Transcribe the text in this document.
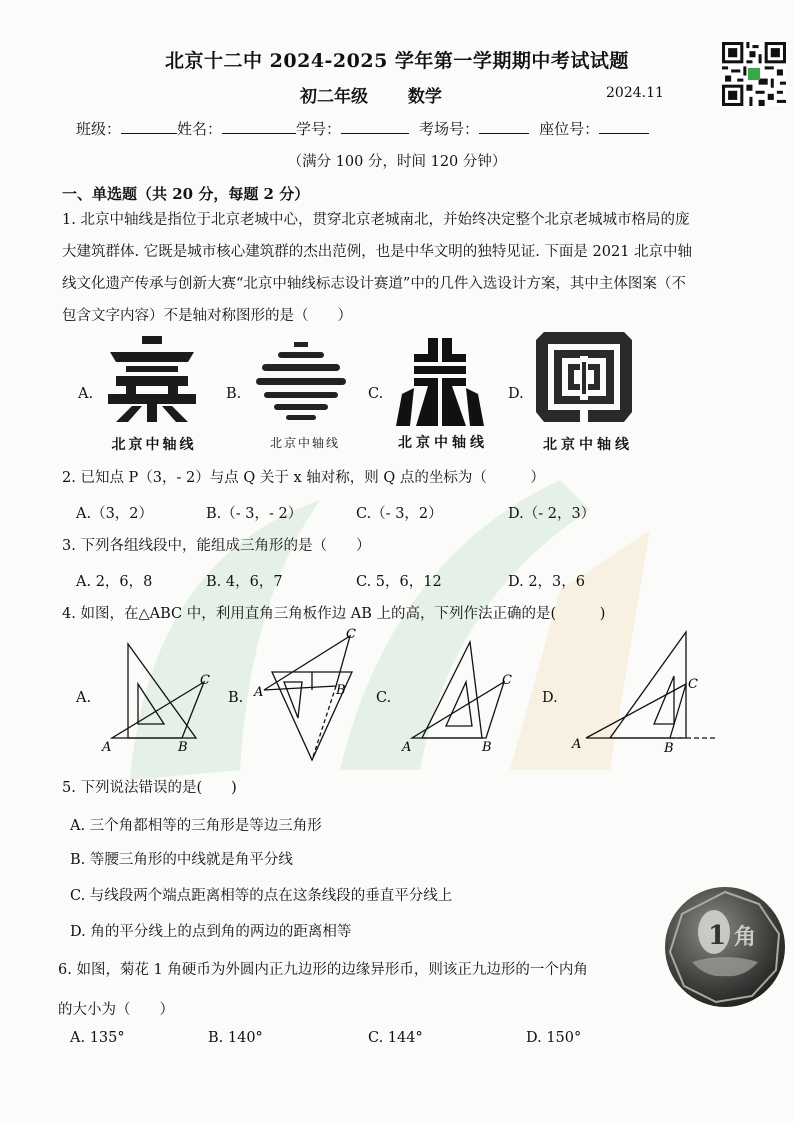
北京十二中 2024-2025 学年第一学期期中考试试题
初二年级 数学	2024.11
班级：	姓名：	学号：	考场号：	座位号：
（满分 100 分，时间 120 分钟）
一、单选题（共 20 分，每题 2 分）
1. 北京中轴线是指位于北京老城中心，贯穿北京老城南北，并始终决定整个北京老城城市格局的庞
大建筑群体. 它既是城市核心建筑群的杰出范例，也是中华文明的独特见证. 下面是 2021 北京中轴
线文化遗产传承与创新大赛“北京中轴线标志设计赛道”中的几件入选设计方案，其中主体图案（不
包含文字内容）不是轴对称图形的是（　　）
A.	B.	C.	D.
北京中轴线	北京中轴线	北京中轴线	北京中轴线
2. 已知点 P（3，- 2）与点 Q 关于 x 轴对称，则 Q 点的坐标为（　　　）
A.（3，2）	B.（- 3，- 2）	C.（- 3，2）	D.（- 2，3）
3. 下列各组线段中，能组成三角形的是（　　）
A. 2，6，8	B. 4，6，7	C. 5，6，12	D. 2，3，6
4. 如图，在△ABC 中，利用直角三角板作边 AB 上的高，下列作法正确的是(　　　)
A.	B.	C.	D.
A	B
C
A	B
C
A	B
C
A	B
C
5. 下列说法错误的是(　　)
A. 三个角都相等的三角形是等边三角形
B. 等腰三角形的中线就是角平分线
C. 与线段两个端点距离相等的点在这条线段的垂直平分线上
D. 角的平分线上的点到角的两边的距离相等
6. 如图，菊花 1 角硬币为外圆内正九边形的边缘异形币，则该正九边形的一个内角
的大小为（　　）
A. 135°	B. 140°	C. 144°	D. 150°
1 角
